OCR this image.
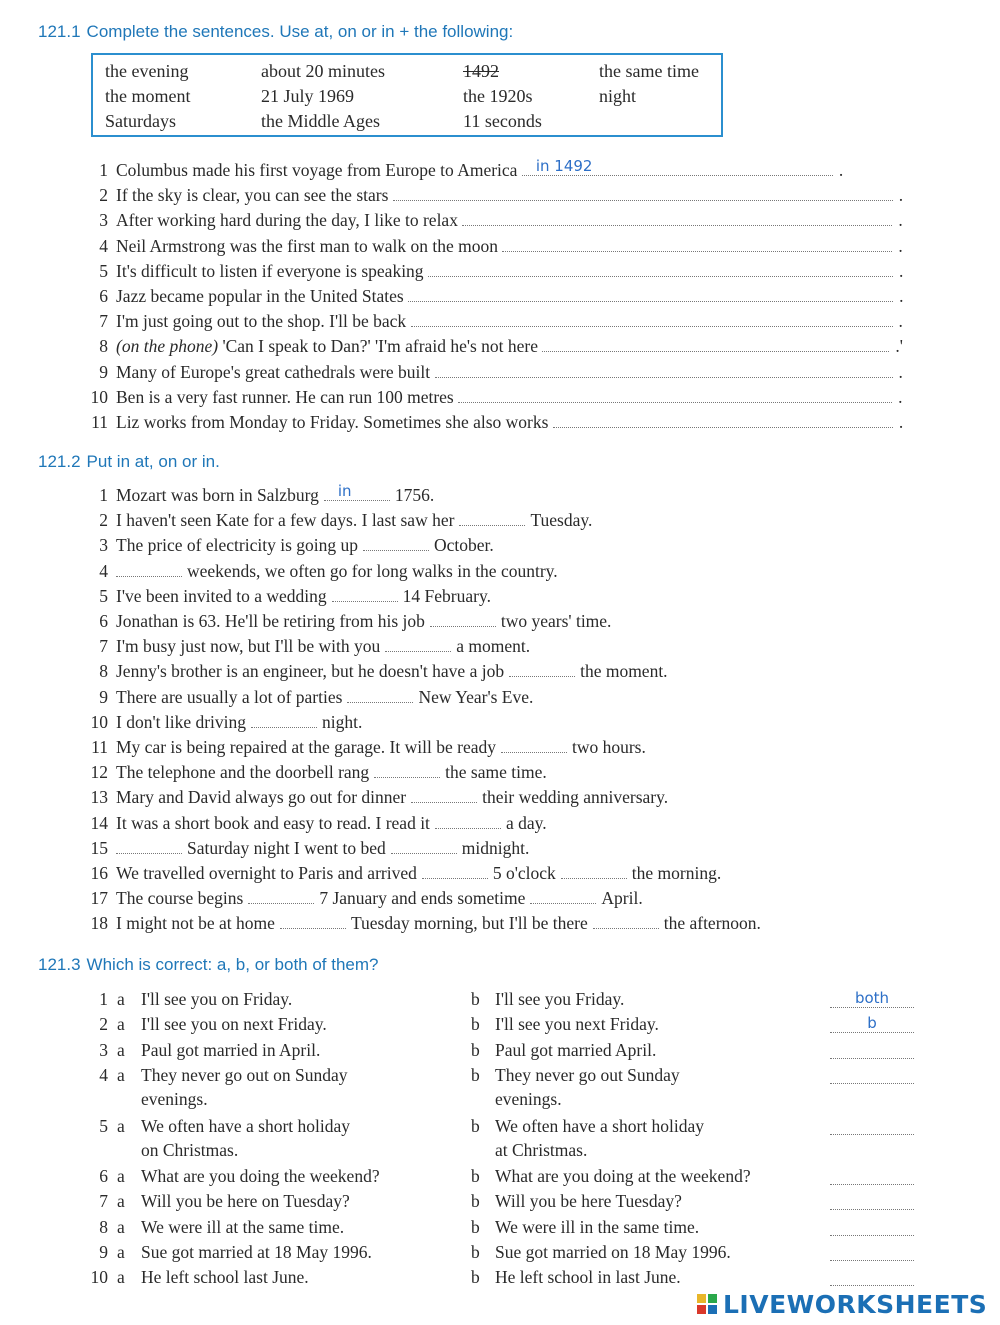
121.1 Complete the sentences. Use at, on or in + the following:
the evening	about 20 minutes	1492	the same time
the moment	21 July 1969	the 1920s	night
Saturdays	the Middle Ages	11 seconds
1 Columbus made his first voyage from Europe to America in 1492	.
2 If the sky is clear, you can see the stars	.
3 After working hard during the day, I like to relax	.
4 Neil Armstrong was the first man to walk on the moon	.
5 It's difficult to listen if everyone is speaking	.
6 Jazz became popular in the United States	.
7 I'm just going out to the shop. I'll be back	.
8 (on the phone) 'Can I speak to Dan?' 'I'm afraid he's not here	.'
9 Many of Europe's great cathedrals were built	.
10 Ben is a very fast runner. He can run 100 metres	.
11 Liz works from Monday to Friday. Sometimes she also works	.
121.2 Put in at, on or in.
1 Mozart was born in Salzburg in 1756.
2 I haven't seen Kate for a few days. I last saw her	Tuesday.
3 The price of electricity is going up	October.
4	weekends, we often go for long walks in the country.
5 I've been invited to a wedding	14 February.
6 Jonathan is 63. He'll be retiring from his job	two years' time.
7 I'm busy just now, but I'll be with you	a moment.
8 Jenny's brother is an engineer, but he doesn't have a job	the moment.
9 There are usually a lot of parties	New Year's Eve.
10 I don't like driving	night.
11 My car is being repaired at the garage. It will be ready	two hours.
12 The telephone and the doorbell rang	the same time.
13 Mary and David always go out for dinner	their wedding anniversary.
14 It was a short book and easy to read. I read it	a day.
15	Saturday night I went to bed	midnight.
16 We travelled overnight to Paris and arrived	5 o'clock	the morning.
17 The course begins	7 January and ends sometime	April.
18 I might not be at home	Tuesday morning, but I'll be there	the afternoon.
121.3 Which is correct: a, b, or both of them?
1 a I'll see you on Friday.	b I'll see you Friday.	both
2 a I'll see you on next Friday.	b I'll see you next Friday.	b
3 a Paul got married in April.	b Paul got married April.
4 a They never go out on Sunday
evenings.
b They never go out Sunday
evenings.
5 a We often have a short holiday
on Christmas.
b We often have a short holiday
at Christmas.
6 a What are you doing the weekend?	b What are you doing at the weekend?
7 a Will you be here on Tuesday?	b Will you be here Tuesday?
8 a We were ill at the same time.	b We were ill in the same time.
9 a Sue got married at 18 May 1996.	b Sue got married on 18 May 1996.
10 a He left school last June.	b He left school in last June.
LIVEWORKSHEETS
